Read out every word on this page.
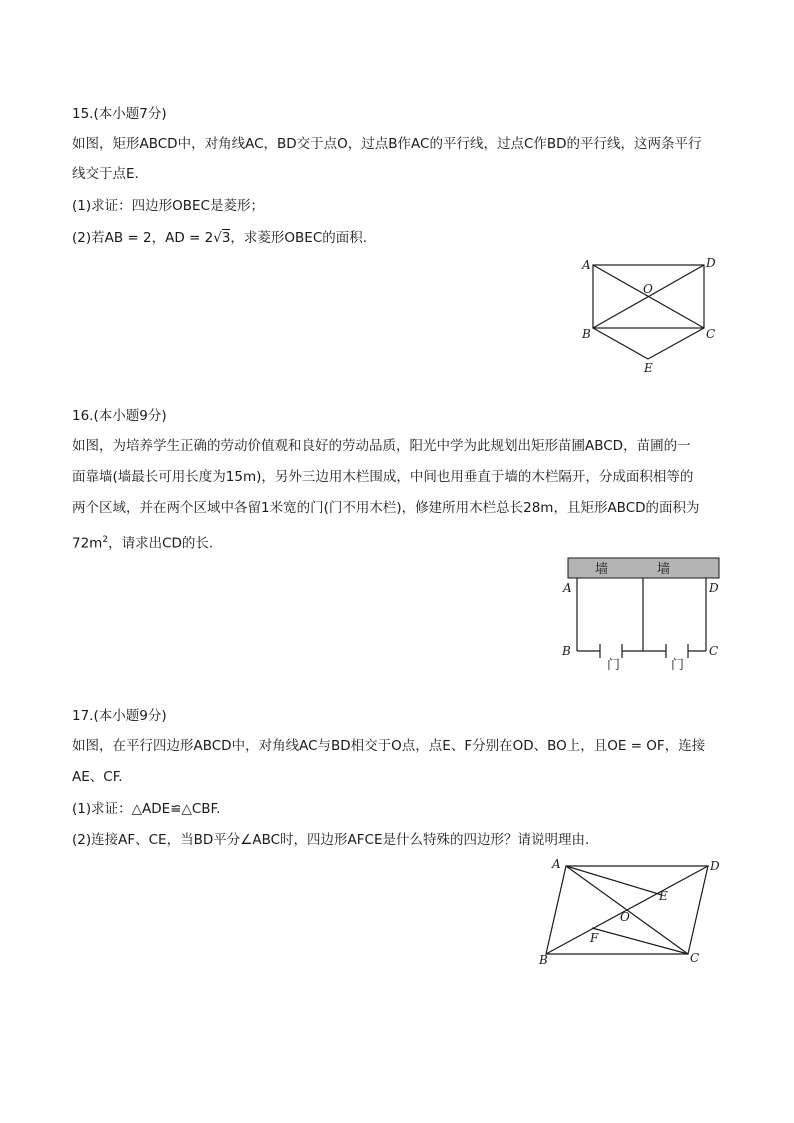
15.(本小题7分)
如图，矩形ABCD中，对角线AC，BD交于点O，过点B作AC的平行线，过点C作BD的平行线，这两条平行
线交于点E.
(1)求证：四边形OBEC是菱形；
(2)若AB = 2，AD = 2√3，求菱形OBEC的面积.
A	D
O
B	C
E
16.(本小题9分)
如图，为培养学生正确的劳动价值观和良好的劳动品质，阳光中学为此规划出矩形苗圃ABCD，苗圃的一
面靠墙(墙最长可用长度为15m)，另外三边用木栏围成，中间也用垂直于墙的木栏隔开，分成面积相等的
两个区域，并在两个区域中各留1米宽的门(门不用木栏)，修建所用木栏总长28m，且矩形ABCD的面积为
$72m^2$，请求出CD的长.
墙	墙
A	D
B	C
门	门
17.(本小题9分)
如图，在平行四边形ABCD中，对角线AC与BD相交于O点，点E、F分别在OD、BO上，且OE = OF，连接
AE、CF.
(1)求证：△ADE≌△CBF.
(2)连接AF、CE，当BD平分∠ABC时，四边形AFCE是什么特殊的四边形？请说明理由.
A	D
E
O
F
B	C
